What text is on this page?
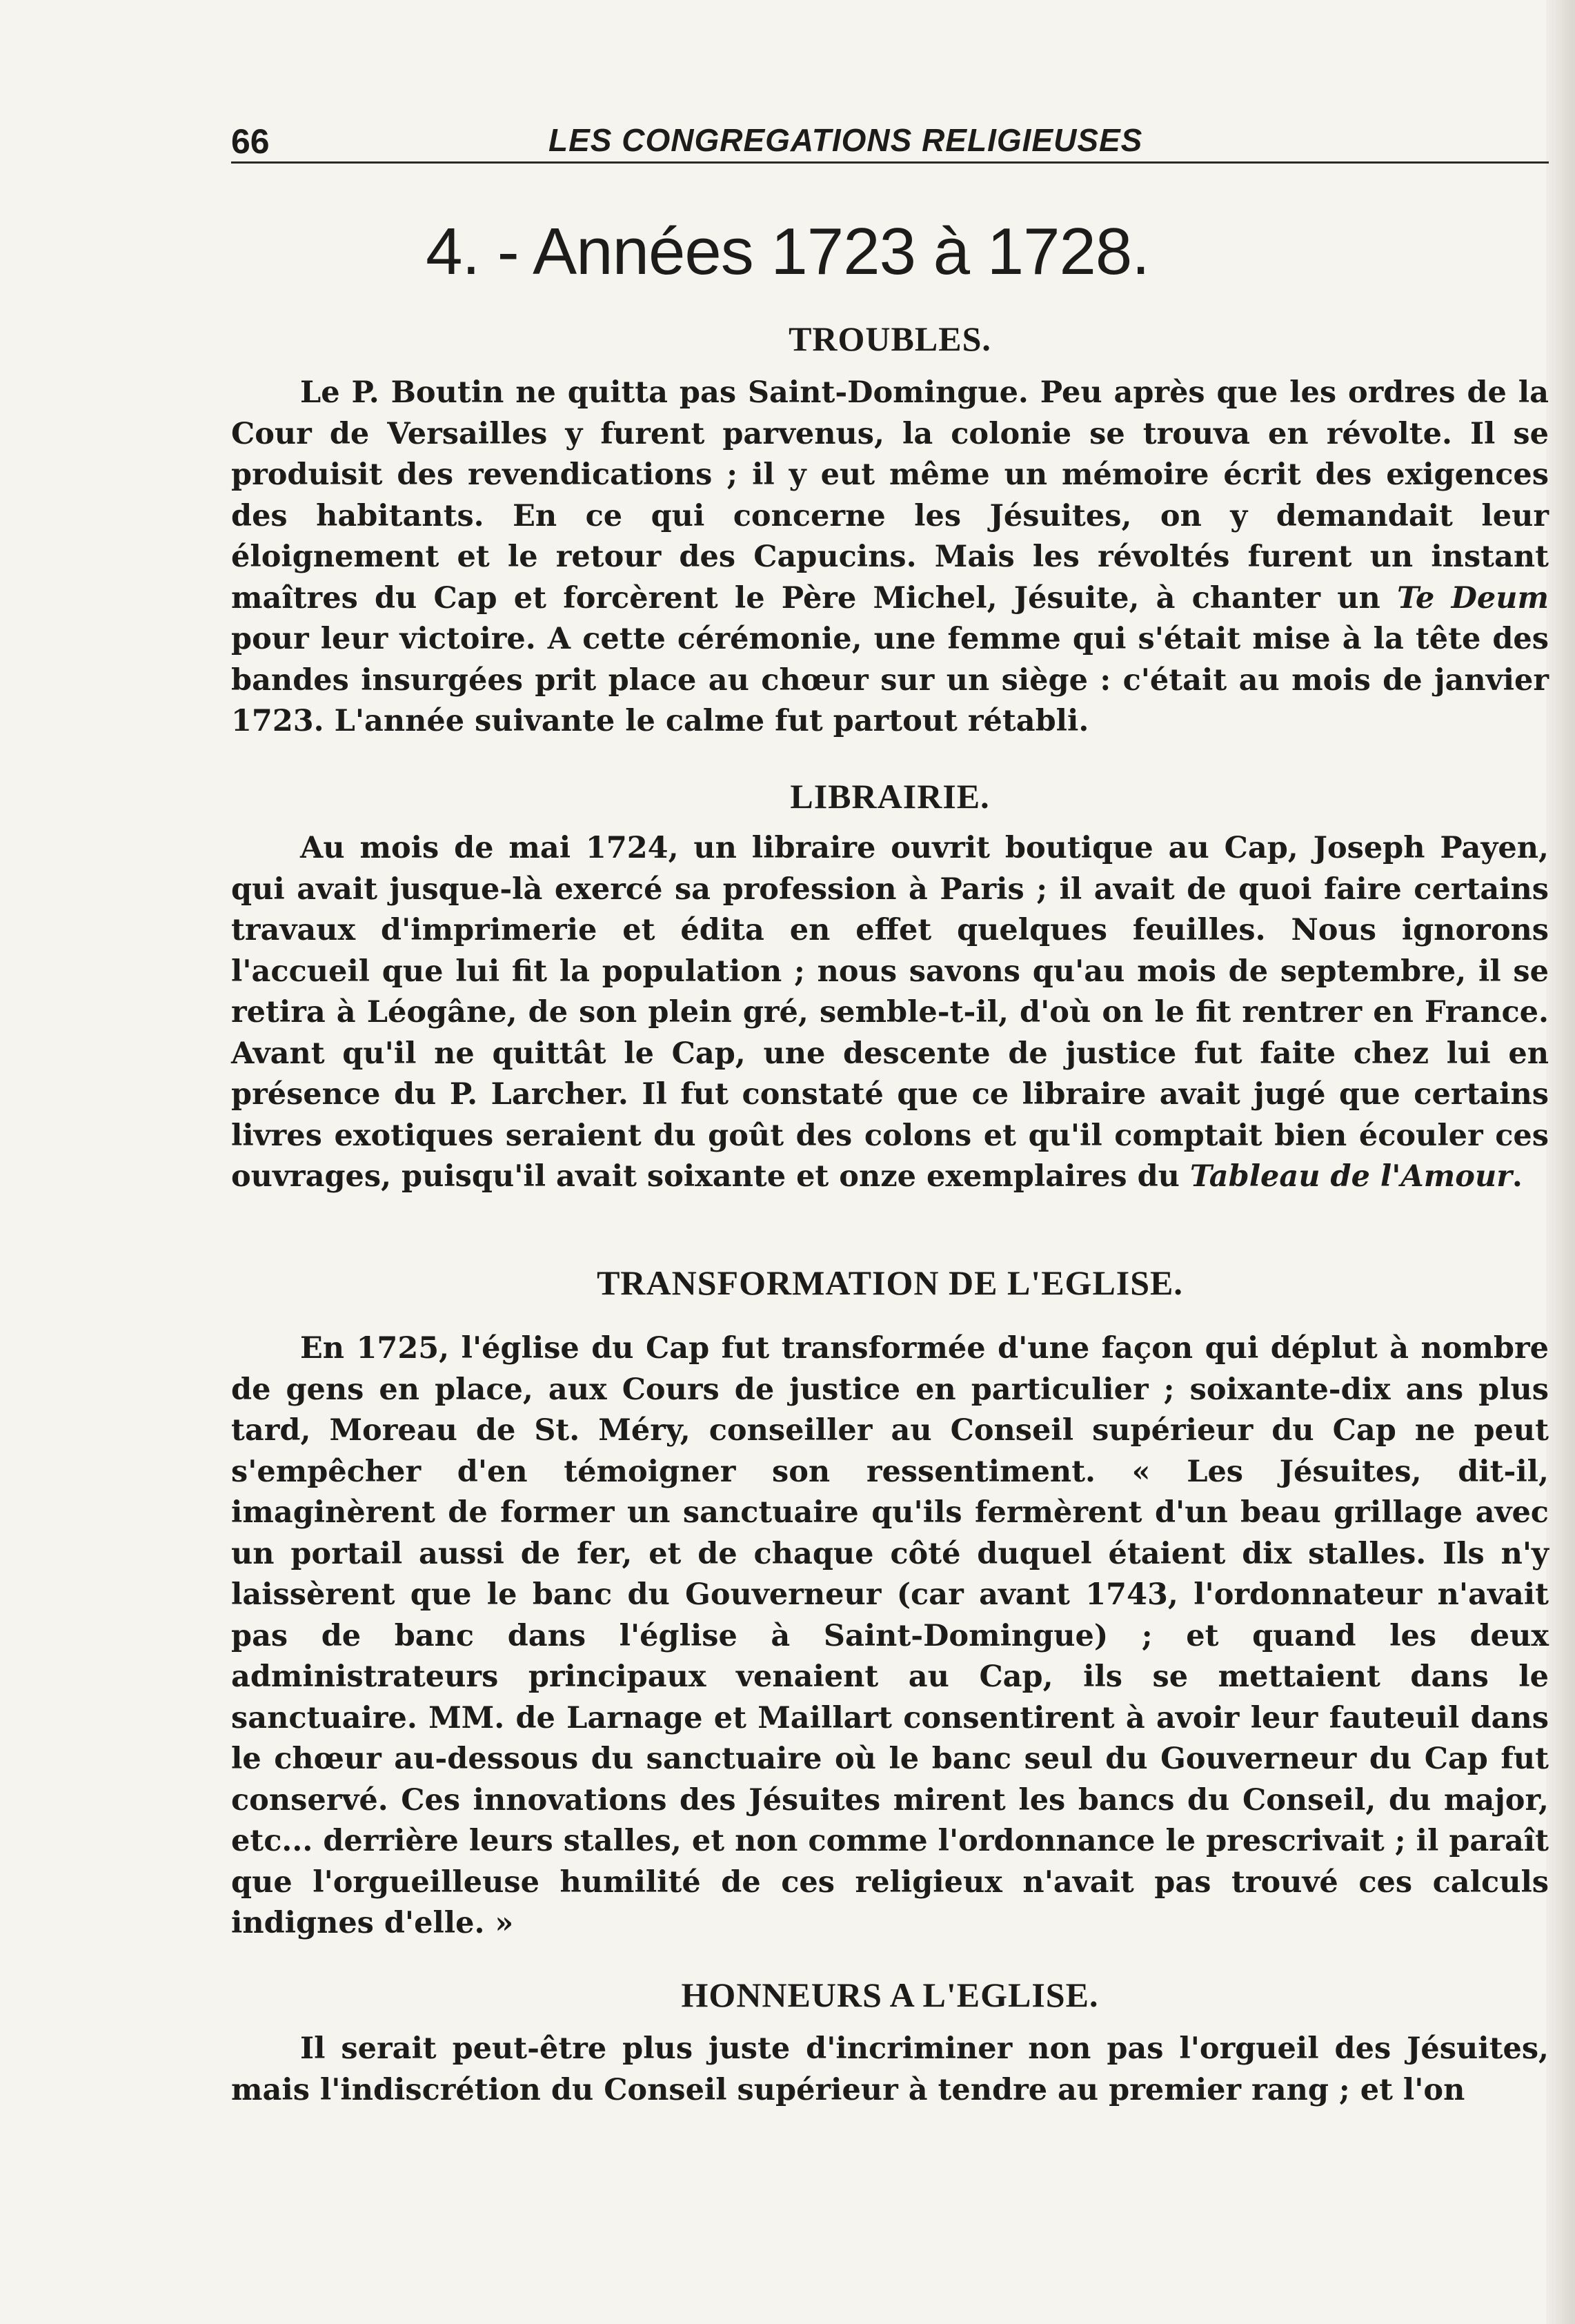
66	LES CONGREGATIONS RELIGIEUSES
4. - Années 1723 à 1728.
TROUBLES.

Le P. Boutin ne quitta pas Saint-Domingue. Peu après que les ordres de la Cour de Versailles y furent parvenus, la colonie se trouva en révolte. Il se produisit des revendications ; il y eut même un mémoire écrit des exigences des habitants. En ce qui concerne les Jésuites, on y demandait leur éloignement et le retour des Capucins. Mais les révoltés furent un instant maîtres du Cap et forcèrent le Père Michel, Jésuite, à chanter un Te Deum pour leur victoire. A cette cérémonie, une femme qui s'était mise à la tête des bandes insurgées prit place au chœur sur un siège : c'était au mois de janvier 1723. L'année suivante le calme fut partout rétabli.

LIBRAIRIE.

Au mois de mai 1724, un libraire ouvrit boutique au Cap, Joseph Payen, qui avait jusque-là exercé sa profession à Paris ; il avait de quoi faire certains travaux d'imprimerie et édita en effet quelques feuilles. Nous ignorons l'accueil que lui fit la population ; nous savons qu'au mois de septembre, il se retira à Léogâne, de son plein gré, semble-t-il, d'où on le fit rentrer en France. Avant qu'il ne quittât le Cap, une descente de justice fut faite chez lui en présence du P. Larcher. Il fut constaté que ce libraire avait jugé que certains livres exotiques seraient du goût des colons et qu'il comptait bien écouler ces ouvrages, puisqu'il avait soixante et onze exemplaires du Tableau de l'Amour.

TRANSFORMATION DE L'EGLISE.

En 1725, l'église du Cap fut transformée d'une façon qui déplut à nombre de gens en place, aux Cours de justice en particulier ; soixante-dix ans plus tard, Moreau de St. Méry, conseiller au Conseil supérieur du Cap ne peut s'empêcher d'en témoigner son ressentiment. « Les Jésuites, dit-il, imaginèrent de former un sanctuaire qu'ils fermèrent d'un beau grillage avec un portail aussi de fer, et de chaque côté duquel étaient dix stalles. Ils n'y laissèrent que le banc du Gouverneur (car avant 1743, l'ordonnateur n'avait pas de banc dans l'église à Saint-Domingue) ; et quand les deux administrateurs principaux venaient au Cap, ils se mettaient dans le sanctuaire. MM. de Larnage et Maillart consentirent à avoir leur fauteuil dans le chœur au-dessous du sanctuaire où le banc seul du Gouverneur du Cap fut conservé. Ces innovations des Jésuites mirent les bancs du Conseil, du major, etc... derrière leurs stalles, et non comme l'ordonnance le prescrivait ; il paraît que l'orgueilleuse humilité de ces religieux n'avait pas trouvé ces calculs indignes d'elle. »

HONNEURS A L'EGLISE.

Il serait peut-être plus juste d'incriminer non pas l'orgueil des Jésuites, mais l'indiscrétion du Conseil supérieur à tendre au premier rang ; et l'on
